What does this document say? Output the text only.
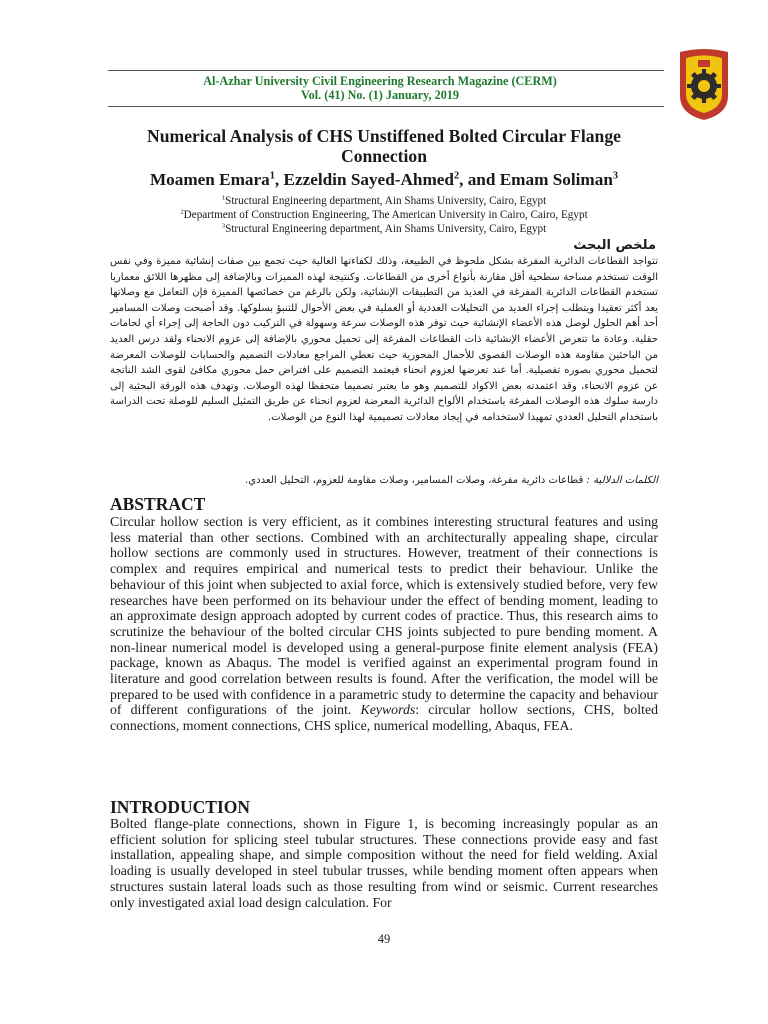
Al-Azhar University Civil Engineering Research Magazine (CERM)
Vol. (41) No. (1) January, 2019
Numerical Analysis of CHS Unstiffened Bolted Circular Flange
Connection
Moamen Emara$^1$, Ezzeldin Sayed-Ahmed$^2$, and Emam Soliman$^3$
$^1$Structural Engineering department, Ain Shams University, Cairo, Egypt
$^2$Department of Construction Engineering, The American University in Cairo, Cairo, Egypt
$^3$Structural Engineering department, Ain Shams University, Cairo, Egypt
ملخص البحث
تتواجد القطاعات الدائرية المفرغة بشكل ملحوظ في الطبيعة، وذلك لكفاءتها العالية حيث تجمع بين صفات إنشائية مميزة وفي نفس الوقت تستخدم مساحة سطحية أقل مقارنة بأنواع أخرى من القطاعات. وكنتيجة لهذه المميزات وبالإضافة إلى مظهرها اللائق معماريا تستخدم القطاعات الدائرية المفرغة في العديد من التطبيقات الإنشائية، ولكن بالرغم من خصائصها المميزة فإن التعامل مع وصلاتها يعد أكثر تعقيدا ويتطلب إجراء العديد من التحليلات العددية أو العملية في بعض الأحوال للتنبؤ بسلوكها. وقد أصبحت وصلات المسامير أحد أهم الحلول لوصل هذه الأعضاء الإنشائية حيث توفر هذه الوصلات سرعة وسهولة في التركيب دون الحاجة إلى إجراء أي لحامات حقلية. وعادة ما تتعرض الأعضاء الإنشائية ذات القطاعات المفرغة إلى تحميل محوري بالإضافة إلى عزوم الانحناء ولقد درس العديد من الباحثين مقاومة هذه الوصلات القصوى للأحمال المحورية حيث تعطي المراجع معادلات التصميم والحسابات للوصلات المعرضة لتحميل محوري بصوره تفصيلية. أما عند تعرضها لعزوم انحناء فيعتمد التصميم على افتراض حمل محوري مكافئ لقوى الشد الناتجة عن عزوم الانحناء، وقد اعتمدته بعض الاكواد للتصميم وهو ما يعتبر تصميما متحفظا لهذه الوصلات. وتهدف هذه الورقة البحثية إلى دارسة سلوك هذه الوصلات المفرغة باستخدام الألواح الدائرية المعرضة لعزوم انحناء عن طريق التمثيل السليم للوصلة تحت الدراسة باستخدام التحليل العددي تمهيدا لاستخدامه في إيجاد معادلات تصميمية لهذا النوع من الوصلات.
الكلمات الدلالية : قطاعات دائرية مفرغة، وصلات المسامير، وصلات مقاومة للعزوم، التحليل العددي.
ABSTRACT
Circular hollow section is very efficient, as it combines interesting structural features and using less material than other sections. Combined with an architecturally appealing shape, circular hollow sections are commonly used in structures. However, treatment of their connections is complex and requires empirical and numerical tests to predict their behaviour. Unlike the behaviour of this joint when subjected to axial force, which is extensively studied before, very few researches have been performed on its behaviour under the effect of bending moment, leading to an approximate design approach adopted by current codes of practice. Thus, this research aims to scrutinize the behaviour of the bolted circular CHS joints subjected to pure bending moment. A non-linear numerical model is developed using a general-purpose finite element analysis (FEA) package, known as Abaqus. The model is verified against an experimental program found in literature and good correlation between results is found. After the verification, the model will be prepared to be used with confidence in a parametric study to determine the capacity and behaviour of different configurations of the joint. Keywords: circular hollow sections, CHS, bolted connections, moment connections, CHS splice, numerical modelling, Abaqus, FEA.
INTRODUCTION
Bolted flange-plate connections, shown in Figure 1, is becoming increasingly popular as an efficient solution for splicing steel tubular structures. These connections provide easy and fast installation, appealing shape, and simple composition without the need for field welding. Axial loading is usually developed in steel tubular trusses, while bending moment often appears when structures sustain lateral loads such as those resulting from wind or seismic. Current researches only investigated axial load design calculation. For
49
